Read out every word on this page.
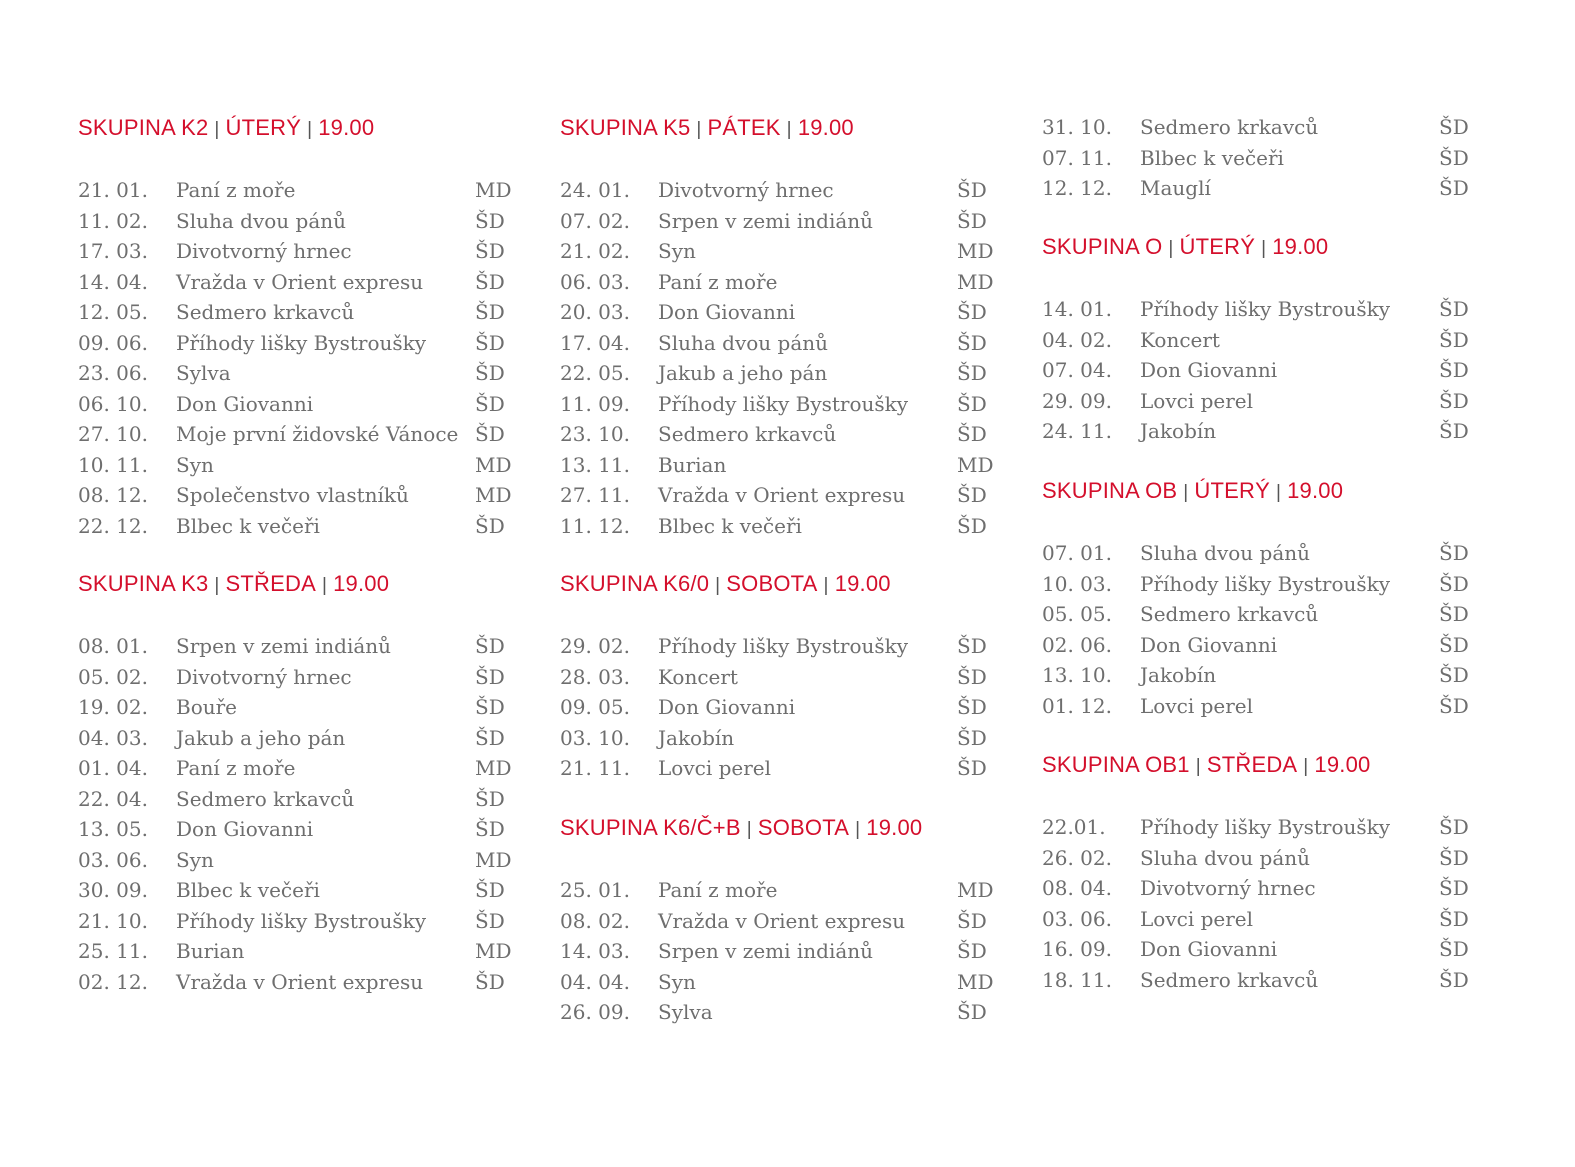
SKUPINA K2 | ÚTERÝ | 19.00
21. 01. Paní z moře	MD
11. 02. Sluha dvou pánů	ŠD
17. 03. Divotvorný hrnec	ŠD
14. 04. Vražda v Orient expresu	ŠD
12. 05. Sedmero krkavců	ŠD
09. 06. Příhody lišky Bystroušky ŠD
23. 06. Sylva	ŠD
06. 10. Don Giovanni	ŠD
27. 10. Moje první židovské Vánoce ŠD
10. 11. Syn	MD
08. 12. Společenstvo vlastníků	MD
22. 12. Blbec k večeři	ŠD
SKUPINA K3 | STŘEDA | 19.00
08. 01. Srpen v zemi indiánů	ŠD
05. 02. Divotvorný hrnec	ŠD
19. 02. Bouře	ŠD
04. 03. Jakub a jeho pán	ŠD
01. 04. Paní z moře	MD
22. 04. Sedmero krkavců	ŠD
13. 05. Don Giovanni	ŠD
03. 06. Syn	MD
30. 09. Blbec k večeři	ŠD
21. 10. Příhody lišky Bystroušky ŠD
25. 11. Burian	MD
02. 12. Vražda v Orient expresu	ŠD
SKUPINA K5 | PÁTEK | 19.00
24. 01. Divotvorný hrnec	ŠD
07. 02. Srpen v zemi indiánů	ŠD
21. 02. Syn	MD
06. 03. Paní z moře	MD
20. 03. Don Giovanni	ŠD
17. 04. Sluha dvou pánů	ŠD
22. 05. Jakub a jeho pán	ŠD
11. 09. Příhody lišky Bystroušky ŠD
23. 10. Sedmero krkavců	ŠD
13. 11. Burian	MD
27. 11. Vražda v Orient expresu	ŠD
11. 12. Blbec k večeři	ŠD
SKUPINA K6/0 | SOBOTA | 19.00
29. 02. Příhody lišky Bystroušky ŠD
28. 03. Koncert	ŠD
09. 05. Don Giovanni	ŠD
03. 10. Jakobín	ŠD
21. 11. Lovci perel	ŠD
SKUPINA K6/Č+B | SOBOTA | 19.00
25. 01. Paní z moře	MD
08. 02. Vražda v Orient expresu	ŠD
14. 03. Srpen v zemi indiánů	ŠD
04. 04. Syn	MD
26. 09. Sylva	ŠD
31. 10. Sedmero krkavců	ŠD
07. 11. Blbec k večeři	ŠD
12. 12. Mauglí	ŠD
SKUPINA O | ÚTERÝ | 19.00
14. 01. Příhody lišky Bystroušky ŠD
04. 02. Koncert	ŠD
07. 04. Don Giovanni	ŠD
29. 09. Lovci perel	ŠD
24. 11. Jakobín	ŠD
SKUPINA OB | ÚTERÝ | 19.00
07. 01. Sluha dvou pánů	ŠD
10. 03. Příhody lišky Bystroušky ŠD
05. 05. Sedmero krkavců	ŠD
02. 06. Don Giovanni	ŠD
13. 10. Jakobín	ŠD
01. 12. Lovci perel	ŠD
SKUPINA OB1 | STŘEDA | 19.00
22.01. Příhody lišky Bystroušky ŠD
26. 02. Sluha dvou pánů	ŠD
08. 04. Divotvorný hrnec	ŠD
03. 06. Lovci perel	ŠD
16. 09. Don Giovanni	ŠD
18. 11. Sedmero krkavců	ŠD
